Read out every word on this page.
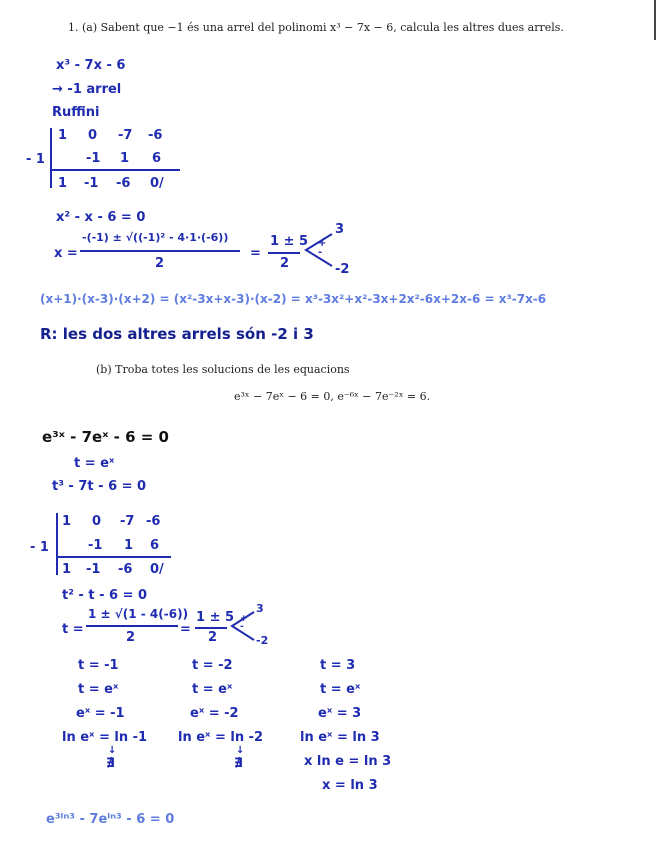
1. (a) Sabent que −1 és una arrel del polinomi x³ − 7x − 6, calcula les altres dues arrels.
(b) Troba totes les solucions de les equacions
e³ˣ − 7eˣ − 6 = 0, e⁻⁶ˣ − 7e⁻²ˣ = 6.
x³ - 7x - 6
→ -1 arrel
Ruffini
1 0 -7 -6
- 1	-1 1 6
1 -1 -6 0/
x² - x - 6 = 0
x =
-(-1) ± √((-1)² - 4·1·(-6))
2
=
1 ± 5
2
3
-2
+
-
(x+1)·(x-3)·(x+2) = (x²-3x+x-3)·(x-2) = x³-3x²+x²-3x+2x²-6x+2x-6 = x³-7x-6
R: les dos altres arrels són -2 i 3
e³ˣ - 7eˣ - 6 = 0
t = eˣ
t³ - 7t - 6 = 0
1 0 -7 -6
- 1	-1 1 6
1 -1 -6 0/
t² - t - 6 = 0
t =
1 ± √(1 - 4(-6))
2
=
1 ± 5
2
3
-2
+
-
t = -1
t = eˣ
eˣ = -1
ln eˣ = ln -1
↓
∄
t = -2
t = eˣ
eˣ = -2
ln eˣ = ln -2
↓
∄
t = 3
t = eˣ
eˣ = 3
ln eˣ = ln 3
x ln e = ln 3
x = ln 3
e³ˡⁿ³ - 7eˡⁿ³ - 6 = 0
